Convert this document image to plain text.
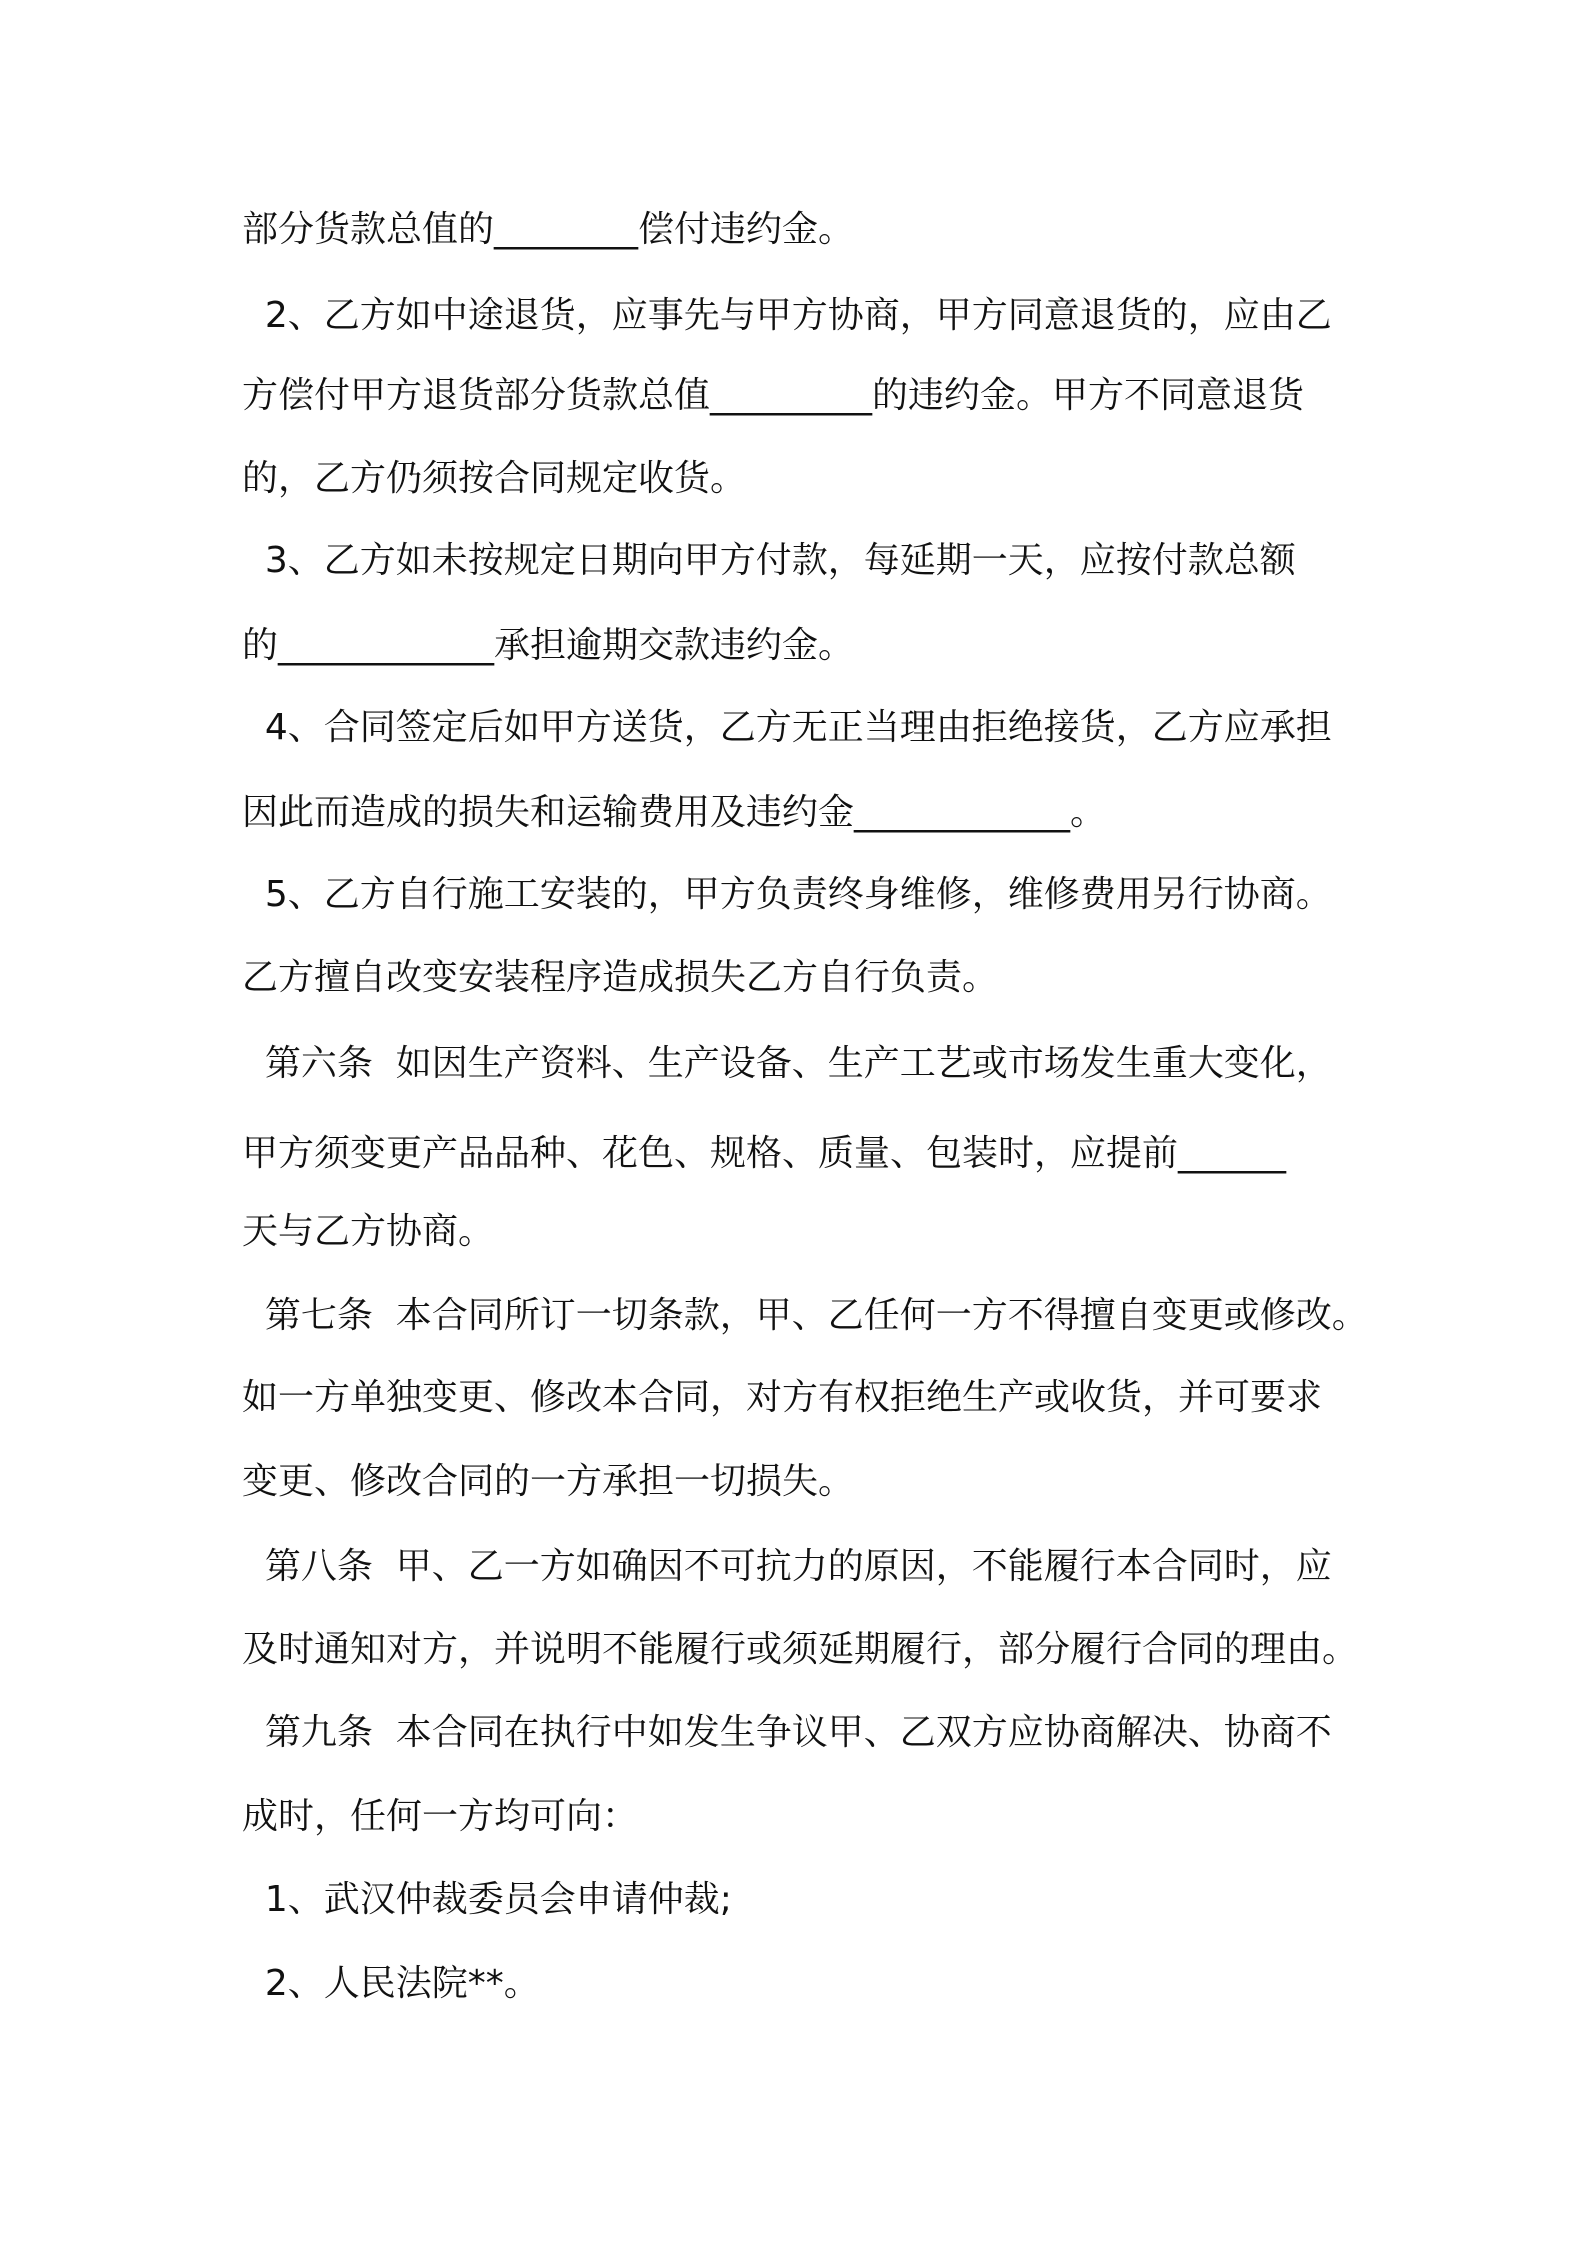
部分货款总值的________偿付违约金。
2、乙方如中途退货，应事先与甲方协商，甲方同意退货的，应由乙
方偿付甲方退货部分货款总值_________的违约金。甲方不同意退货
的，乙方仍须按合同规定收货。
3、乙方如未按规定日期向甲方付款，每延期一天，应按付款总额
的____________承担逾期交款违约金。
4、合同签定后如甲方送货，乙方无正当理由拒绝接货，乙方应承担
因此而造成的损失和运输费用及违约金____________。
5、乙方自行施工安装的，甲方负责终身维修，维修费用另行协商。
乙方擅自改变安装程序造成损失乙方自行负责。
第六条  如因生产资料、生产设备、生产工艺或市场发生重大变化，
甲方须变更产品品种、花色、规格、质量、包装时，应提前______
天与乙方协商。
第七条  本合同所订一切条款，甲、乙任何一方不得擅自变更或修改。
如一方单独变更、修改本合同，对方有权拒绝生产或收货，并可要求
变更、修改合同的一方承担一切损失。
第八条  甲、乙一方如确因不可抗力的原因，不能履行本合同时，应
及时通知对方，并说明不能履行或须延期履行，部分履行合同的理由。
第九条  本合同在执行中如发生争议甲、乙双方应协商解决、协商不
成时，任何一方均可向：
1、武汉仲裁委员会申请仲裁;
2、人民法院**。
